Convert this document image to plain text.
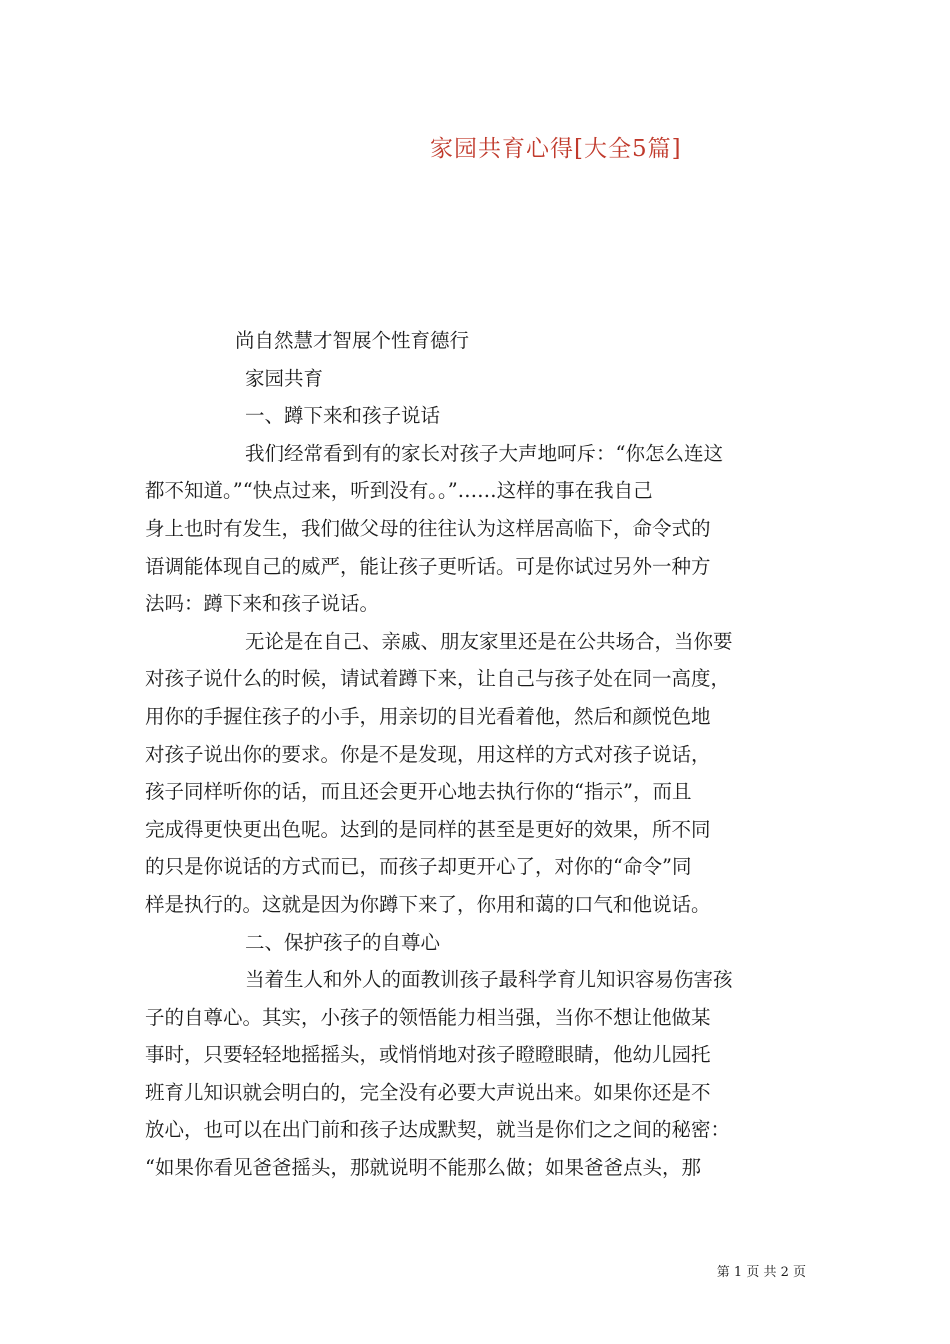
家园共育心得[大全5篇]

尚自然慧才智展个性育德行

家园共育

一、蹲下来和孩子说话

我们经常看到有的家长对孩子大声地呵斥：“你怎么连这

都不知道。”“快点过来，听到没有。。”……这样的事在我自己

身上也时有发生，我们做父母的往往认为这样居高临下，命令式的

语调能体现自己的威严，能让孩子更听话。可是你试过另外一种方

法吗：蹲下来和孩子说话。

无论是在自己、亲戚、朋友家里还是在公共场合，当你要

对孩子说什么的时候，请试着蹲下来，让自己与孩子处在同一高度，

用你的手握住孩子的小手，用亲切的目光看着他，然后和颜悦色地

对孩子说出你的要求。你是不是发现，用这样的方式对孩子说话，

孩子同样听你的话，而且还会更开心地去执行你的“指示”，而且

完成得更快更出色呢。达到的是同样的甚至是更好的效果，所不同

的只是你说话的方式而已，而孩子却更开心了，对你的“命令”同

样是执行的。这就是因为你蹲下来了，你用和蔼的口气和他说话。

二、保护孩子的自尊心

当着生人和外人的面教训孩子最科学育儿知识容易伤害孩

子的自尊心。其实，小孩子的领悟能力相当强，当你不想让他做某

事时，只要轻轻地摇摇头，或悄悄地对孩子瞪瞪眼睛，他幼儿园托

班育儿知识就会明白的，完全没有必要大声说出来。如果你还是不

放心，也可以在出门前和孩子达成默契，就当是你们之之间的秘密：

“如果你看见爸爸摇头，那就说明不能那么做；如果爸爸点头，那

第 1 页 共 2 页
